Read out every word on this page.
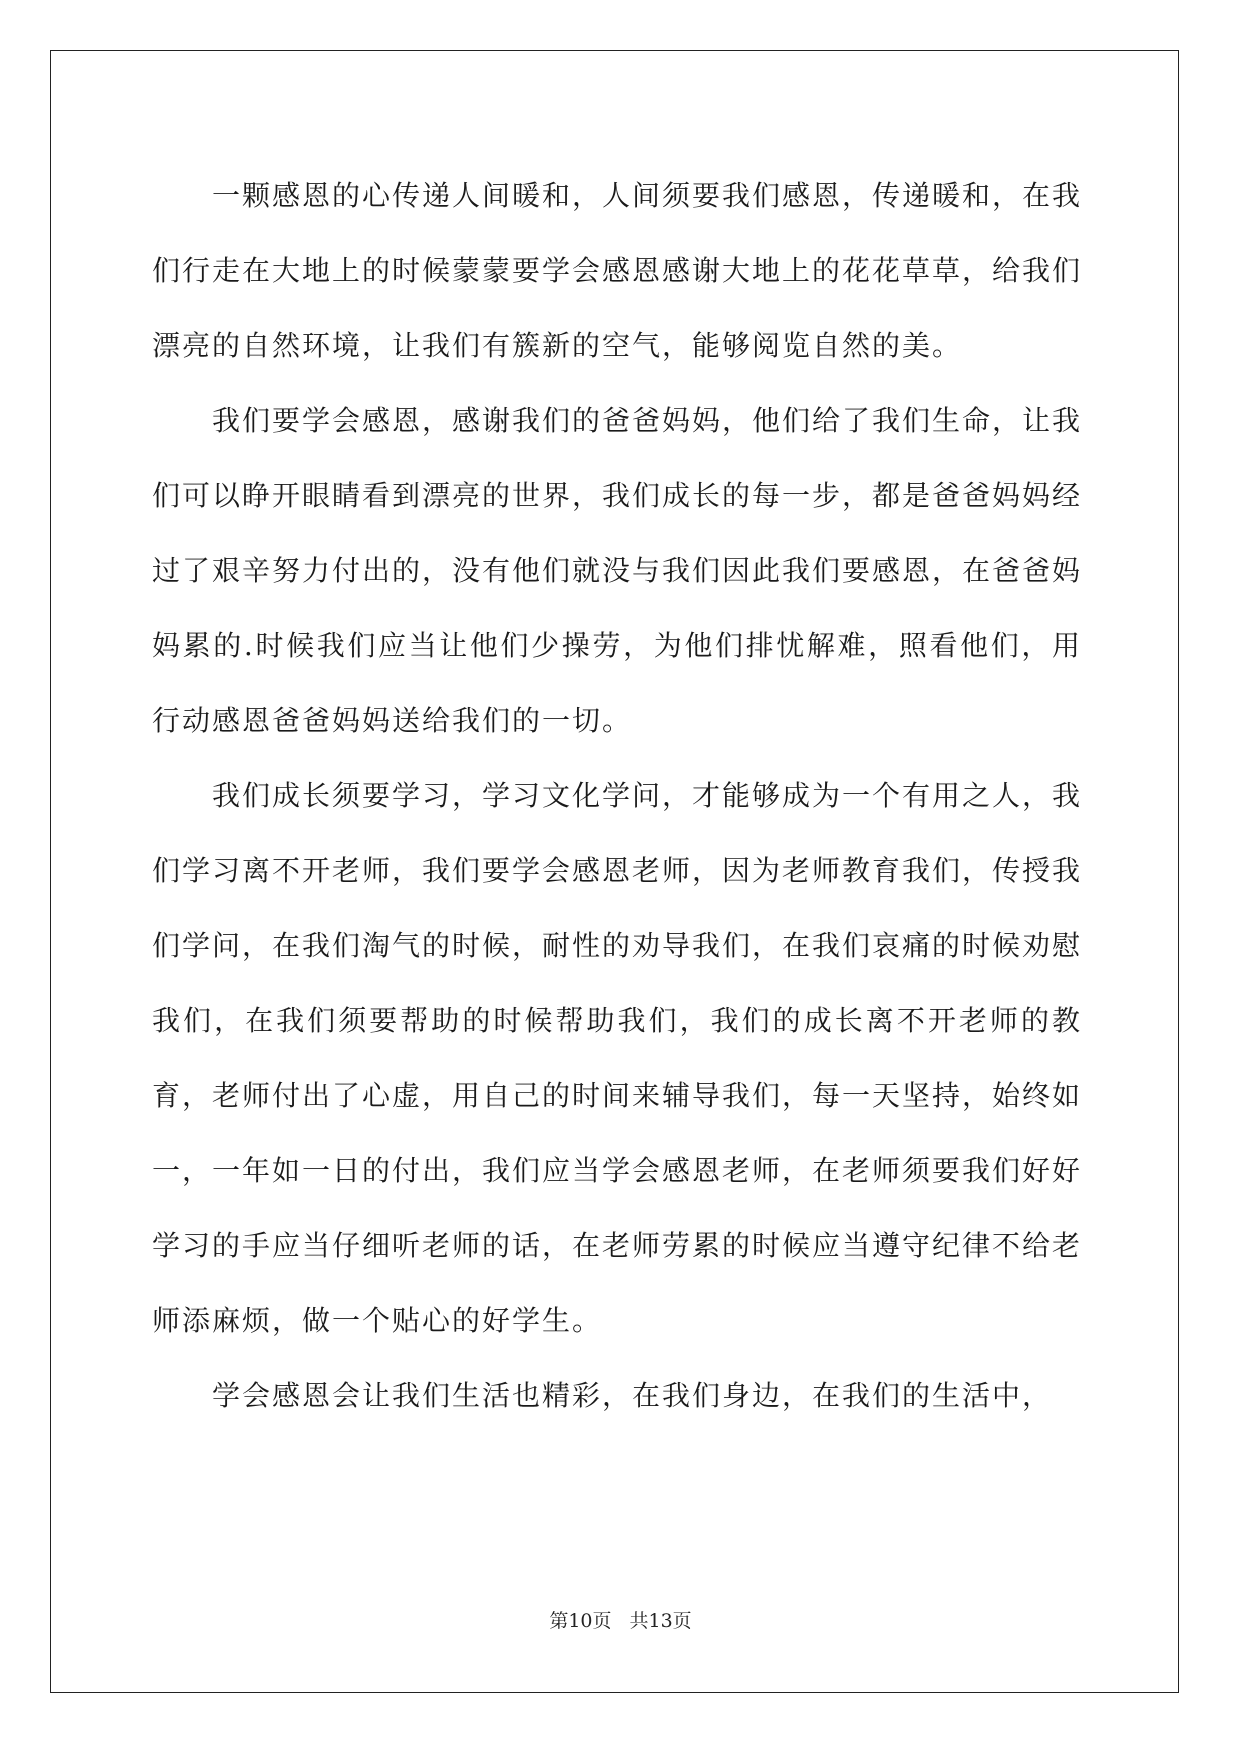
一颗感恩的心传递人间暖和，人间须要我们感恩，传递暖和，在我们行走在大地上的时候蒙蒙要学会感恩感谢大地上的花花草草，给我们漂亮的自然环境，让我们有簇新的空气，能够阅览自然的美。

我们要学会感恩，感谢我们的爸爸妈妈，他们给了我们生命，让我们可以睁开眼睛看到漂亮的世界，我们成长的每一步，都是爸爸妈妈经过了艰辛努力付出的，没有他们就没与我们因此我们要感恩，在爸爸妈妈累的.时候我们应当让他们少操劳，为他们排忧解难，照看他们，用行动感恩爸爸妈妈送给我们的一切。

我们成长须要学习，学习文化学问，才能够成为一个有用之人，我们学习离不开老师，我们要学会感恩老师，因为老师教育我们，传授我们学问，在我们淘气的时候，耐性的劝导我们，在我们哀痛的时候劝慰我们，在我们须要帮助的时候帮助我们，我们的成长离不开老师的教育，老师付出了心虚，用自己的时间来辅导我们，每一天坚持，始终如一，一年如一日的付出，我们应当学会感恩老师，在老师须要我们好好学习的手应当仔细听老师的话，在老师劳累的时候应当遵守纪律不给老师添麻烦，做一个贴心的好学生。

学会感恩会让我们生活也精彩，在我们身边，在我们的生活中，

第10页 共13页
